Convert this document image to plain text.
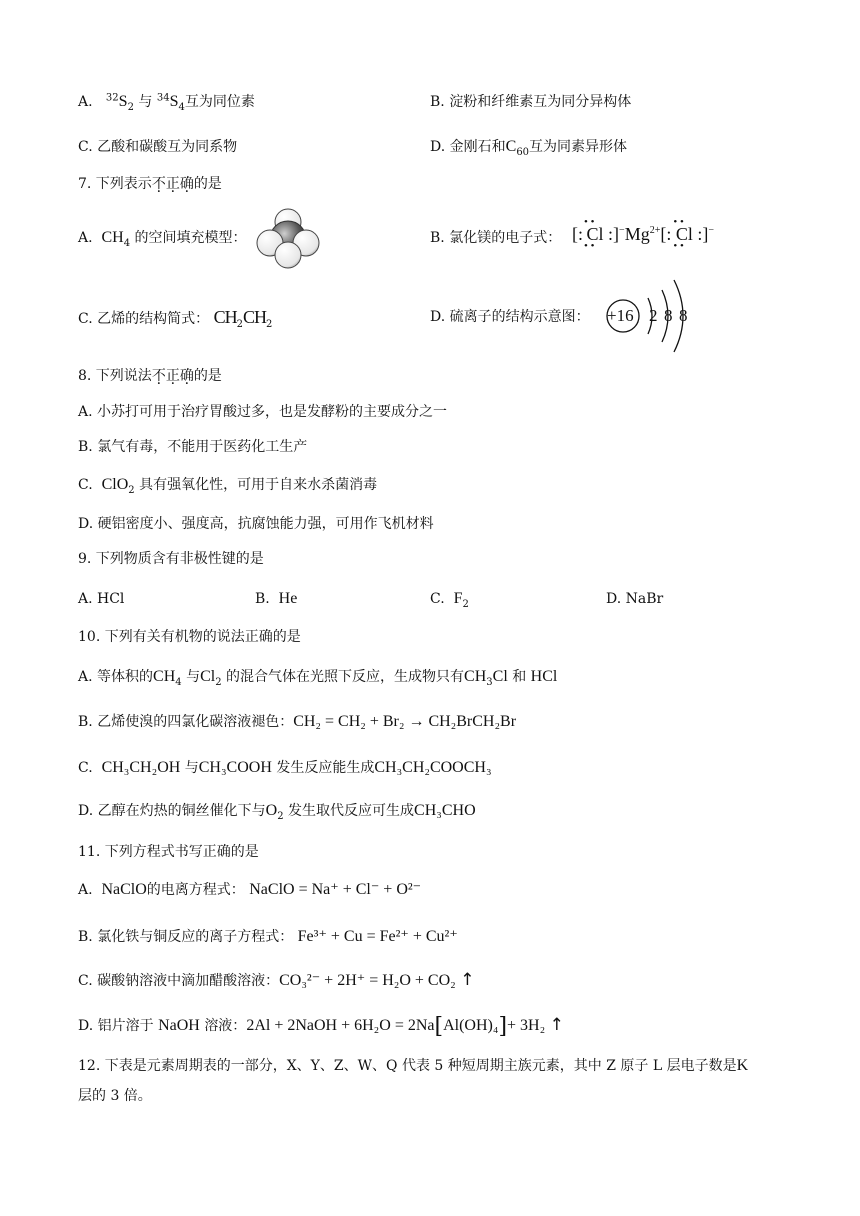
A. $^{32}S_2$ 与 $^{34}S_4$互为同位素	B. 淀粉和纤维素互为同分异构体
C. 乙酸和碳酸互为同系物	D. 金刚石和$C_{60}$互为同素异形体
7. 下列表示不正确的是
A. $CH_4$ 的空间填充模型：	B. 氯化镁的电子式： [: Cl
• •
• •
$:]^-Mg^{2+}$[: Cl
• •
• •
:]−
C. 乙烯的结构简式： $CH_2CH_2$	D. 硫离子的结构示意图： +16 2 8 8
8. 下列说法不正确的是
A. 小苏打可用于治疗胃酸过多，也是发酵粉的主要成分之一
B. 氯气有毒，不能用于医药化工生产
C. ClO$_2$ 具有强氧化性，可用于自来水杀菌消毒
D. 硬铝密度小、强度高，抗腐蚀能力强，可用作飞机材料
9. 下列物质含有非极性键的是
A. HCl	B. He	C. $F_2$	D. NaBr
10. 下列有关有机物的说法正确的是
A. 等体积的$CH_4$ 与$Cl_2$ 的混合气体在光照下反应，生成物只有$CH_3Cl$ 和 HCl
B. 乙烯使溴的四氯化碳溶液褪色：CH₂ = CH₂ + Br₂ → CH₂BrCH₂Br
C. CH₃CH₂OH 与CH₃COOH 发生反应能生成CH₃CH₂COOCH₃
D. 乙醇在灼热的铜丝催化下与$O_2$ 发生取代反应可生成CH₃CHO
11. 下列方程式书写正确的是
A. NaClO的电离方程式： NaClO = Na⁺ + Cl⁻ + O²⁻
B. 氯化铁与铜反应的离子方程式： Fe³⁺ + Cu = Fe²⁺ + Cu²⁺
C. 碳酸钠溶液中滴加醋酸溶液：CO₃²⁻ + 2H⁺ = H₂O + CO₂ ↑
D. 铝片溶于 NaOH 溶液：2Al + 2NaOH + 6H₂O = 2Na[Al(OH)₄]+ 3H₂ ↑
12. 下表是元素周期表的一部分，X、Y、Z、W、Q 代表 5 种短周期主族元素，其中 Z 原子 L 层电子数是K
层的 3 倍。
